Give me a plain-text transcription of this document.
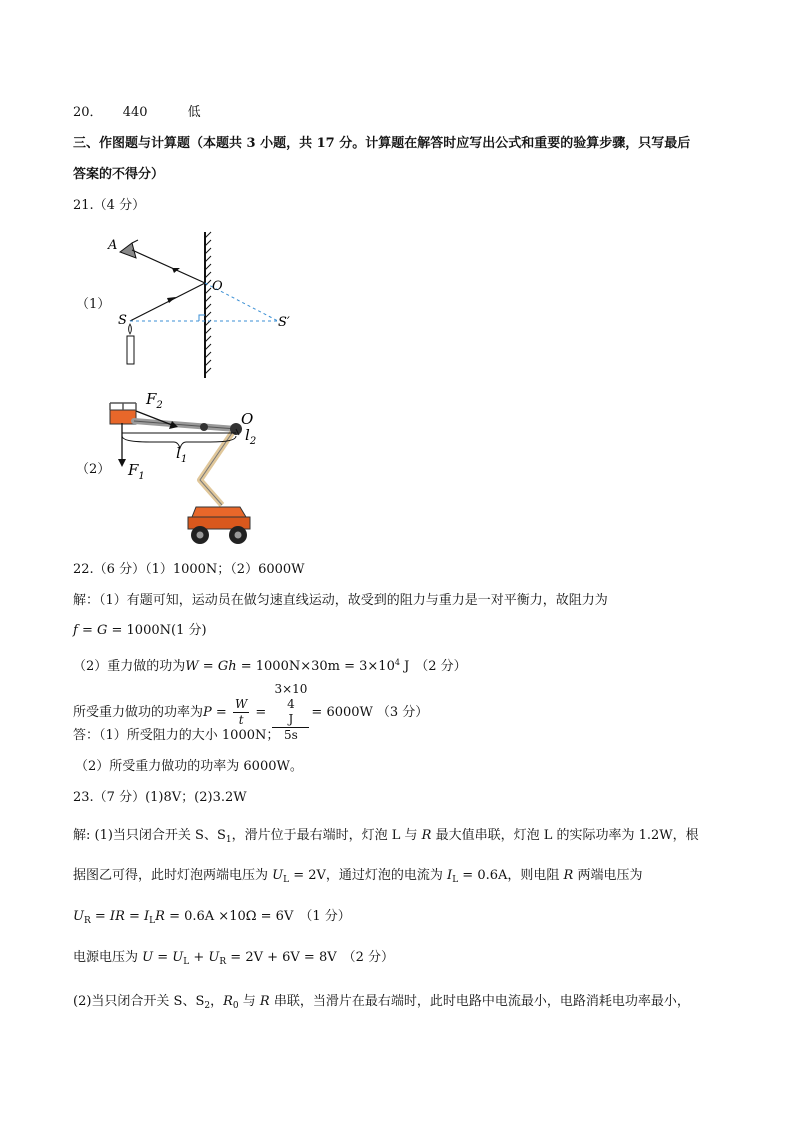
20． 440	低
三、作图题与计算题（本题共 3 小题，共 17 分。计算题在解答时应写出公式和重要的验算步骤，只写最后
答案的不得分）
21.（4 分）
（1）
A
O
S	S′
（2） $F_1$
$F_2$
O
$l_1$
$l_2$
22.（6 分）（1）1000N；（2）6000W
解：（1）有题可知，运动员在做匀速直线运动，故受到的阻力与重力是一对平衡力，故阻力为
f = G = 1000N(1 分)
（2）重力做的功为$W = Gh = 1000N\times 30m = 3\times 10^4$ J （2 分）
所受重力做功的功率为$P = \frac{W}{t} = 3\times 10$
4
J
5s = 6000W （3 分）
答：（1）所受阻力的大小 1000N；
（2）所受重力做功的功率为 6000W。
23.（7 分）(1)8V；(2)3.2W
解: (1)当只闭合开关 S、$S_1$，滑片位于最右端时，灯泡 L 与 R 最大值串联，灯泡 L 的实际功率为 1.2W，根
据图乙可得，此时灯泡两端电压为 $U_L = 2V$，通过灯泡的电流为 $I_L = 0.6A$，则电阻 R 两端电压为
$U_R$ = IR = $I_LR = 0.6A \times 10\Omega = 6V$ （1 分）
电源电压为 $U = U_L + U_R = 2V + 6V = 8V$ （2 分）
(2)当只闭合开关 S、$S_2$，$R_0$ 与 R 串联，当滑片在最右端时，此时电路中电流最小，电路消耗电功率最小，
